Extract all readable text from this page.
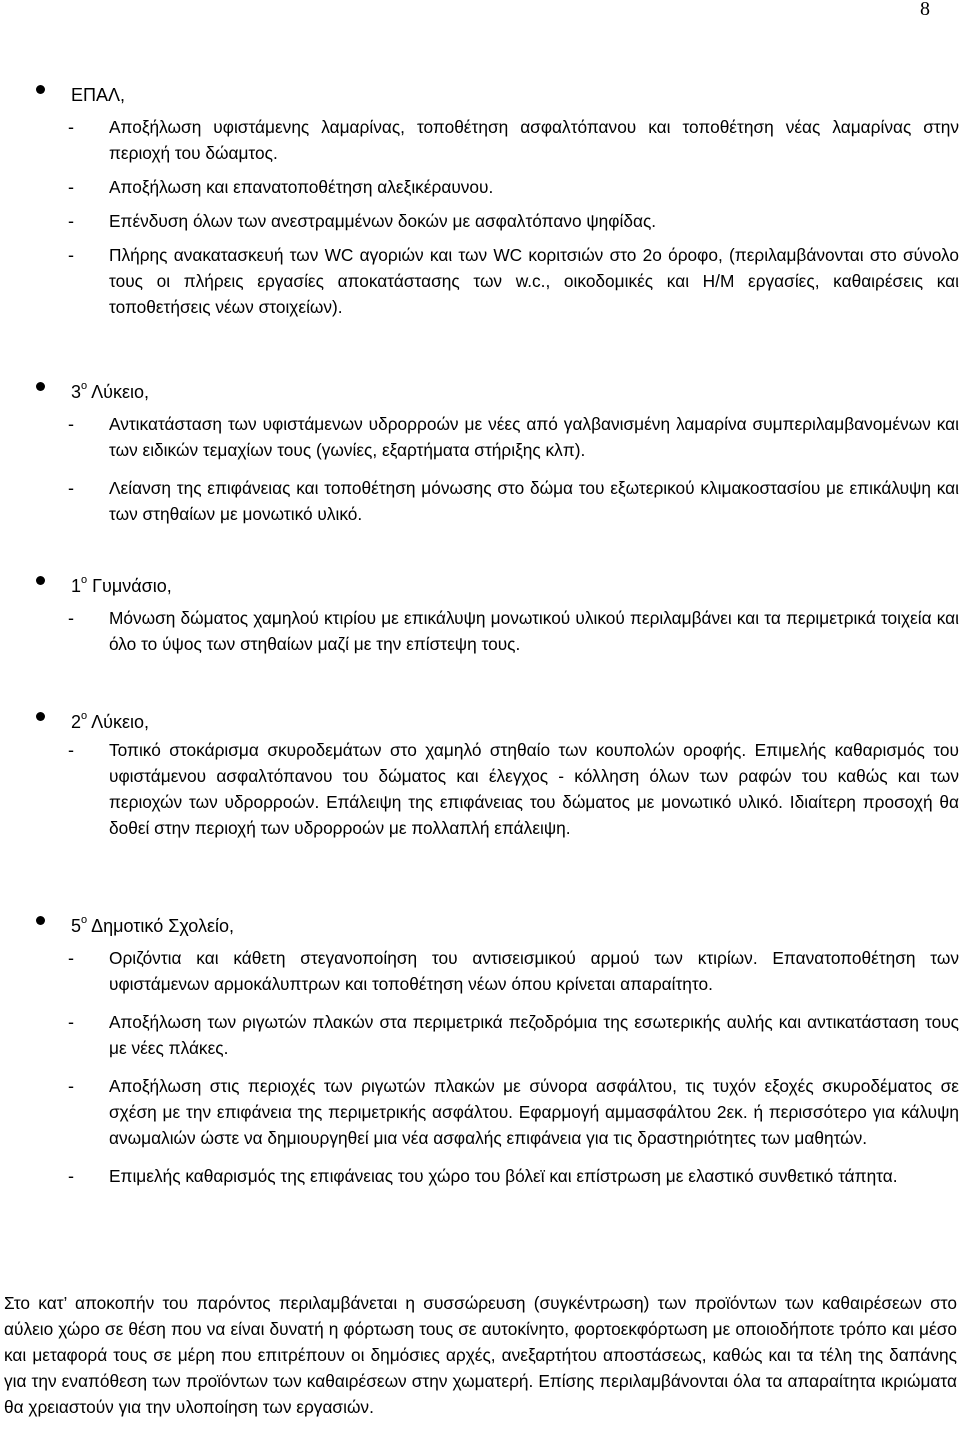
8
ΕΠΑΛ,
- Αποξήλωση υφιστάμενης λαμαρίνας, τοποθέτηση ασφαλτόπανου και τοποθέτηση νέας λαμαρίνας στην περιοχή του δώαμτος.
- Αποξήλωση και επανατοποθέτηση αλεξικέραυνου.
- Επένδυση όλων των ανεστραμμένων δοκών με ασφαλτόπανο ψηφίδας.
- Πλήρης ανακατασκευή των WC αγοριών και των WC κοριτσιών στο 2ο όροφο, (περιλαμβάνονται στο σύνολο τους οι πλήρεις εργασίες αποκατάστασης των w.c., οικοδομικές και Η/Μ εργασίες, καθαιρέσεις και τοποθετήσεις νέων στοιχείων).
$3^o$ Λύκειο,
- Αντικατάσταση των υφιστάμενων υδρορροών με νέες από γαλβανισμένη λαμαρίνα συμπεριλαμβανομένων και των ειδικών τεμαχίων τους (γωνίες, εξαρτήματα στήριξης κλπ).
- Λείανση της επιφάνειας και τοποθέτηση μόνωσης στο δώμα του εξωτερικού κλιμακοστασίου με επικάλυψη και των στηθαίων με μονωτικό υλικό.
$1^o$ Γυμνάσιο,
- Μόνωση δώματος χαμηλού κτιρίου με επικάλυψη μονωτικού υλικού περιλαμβάνει και τα περιμετρικά τοιχεία και όλο το ύψος των στηθαίων μαζί με την επίστεψη τους.
$2^o$ Λύκειο,
- Τοπικό στοκάρισμα σκυροδεμάτων στο χαμηλό στηθαίο των κουπολών οροφής. Επιμελής καθαρισμός του υφιστάμενου ασφαλτόπανου του δώματος και έλεγχος - κόλληση όλων των ραφών του καθώς και των περιοχών των υδρορροών. Επάλειψη της επιφάνειας του δώματος με μονωτικό υλικό. Ιδιαίτερη προσοχή θα δοθεί στην περιοχή των υδρορροών με πολλαπλή επάλειψη.
$5^o$ Δημοτικό Σχολείο,
- Οριζόντια και κάθετη στεγανοποίηση του αντισεισμικού αρμού των κτιρίων. Επανατοποθέτηση των υφιστάμενων αρμοκάλυπτρων και τοποθέτηση νέων όπου κρίνεται απαραίτητο.
- Αποξήλωση των ριγωτών πλακών στα περιμετρικά πεζοδρόμια της εσωτερικής αυλής και αντικατάσταση τους με νέες πλάκες.
- Αποξήλωση στις περιοχές των ριγωτών πλακών με σύνορα ασφάλτου, τις τυχόν εξοχές σκυροδέματος σε σχέση με την επιφάνεια της περιμετρικής ασφάλτου. Εφαρμογή αμμασφάλτου 2εκ. ή περισσότερο για κάλυψη ανωμαλιών ώστε να δημιουργηθεί μια νέα ασφαλής επιφάνεια για τις δραστηριότητες των μαθητών.
- Επιμελής καθαρισμός της επιφάνειας του χώρο του βόλεϊ και επίστρωση με ελαστικό συνθετικό τάπητα.
Στο κατ’ αποκοπήν του παρόντος περιλαμβάνεται η συσσώρευση (συγκέντρωση) των προϊόντων των καθαιρέσεων στο αύλειο χώρο σε θέση που να είναι δυνατή η φόρτωση τους σε αυτοκίνητο, φορτοεκφόρτωση με οποιοδήποτε τρόπο και μέσο και μεταφορά τους σε μέρη που επιτρέπουν οι δημόσιες αρχές, ανεξαρτήτου αποστάσεως, καθώς και τα τέλη της δαπάνης για την εναπόθεση των προϊόντων των καθαιρέσεων στην χωματερή. Επίσης περιλαμβάνονται όλα τα απαραίτητα ικριώματα θα χρειαστούν για την υλοποίηση των εργασιών.
